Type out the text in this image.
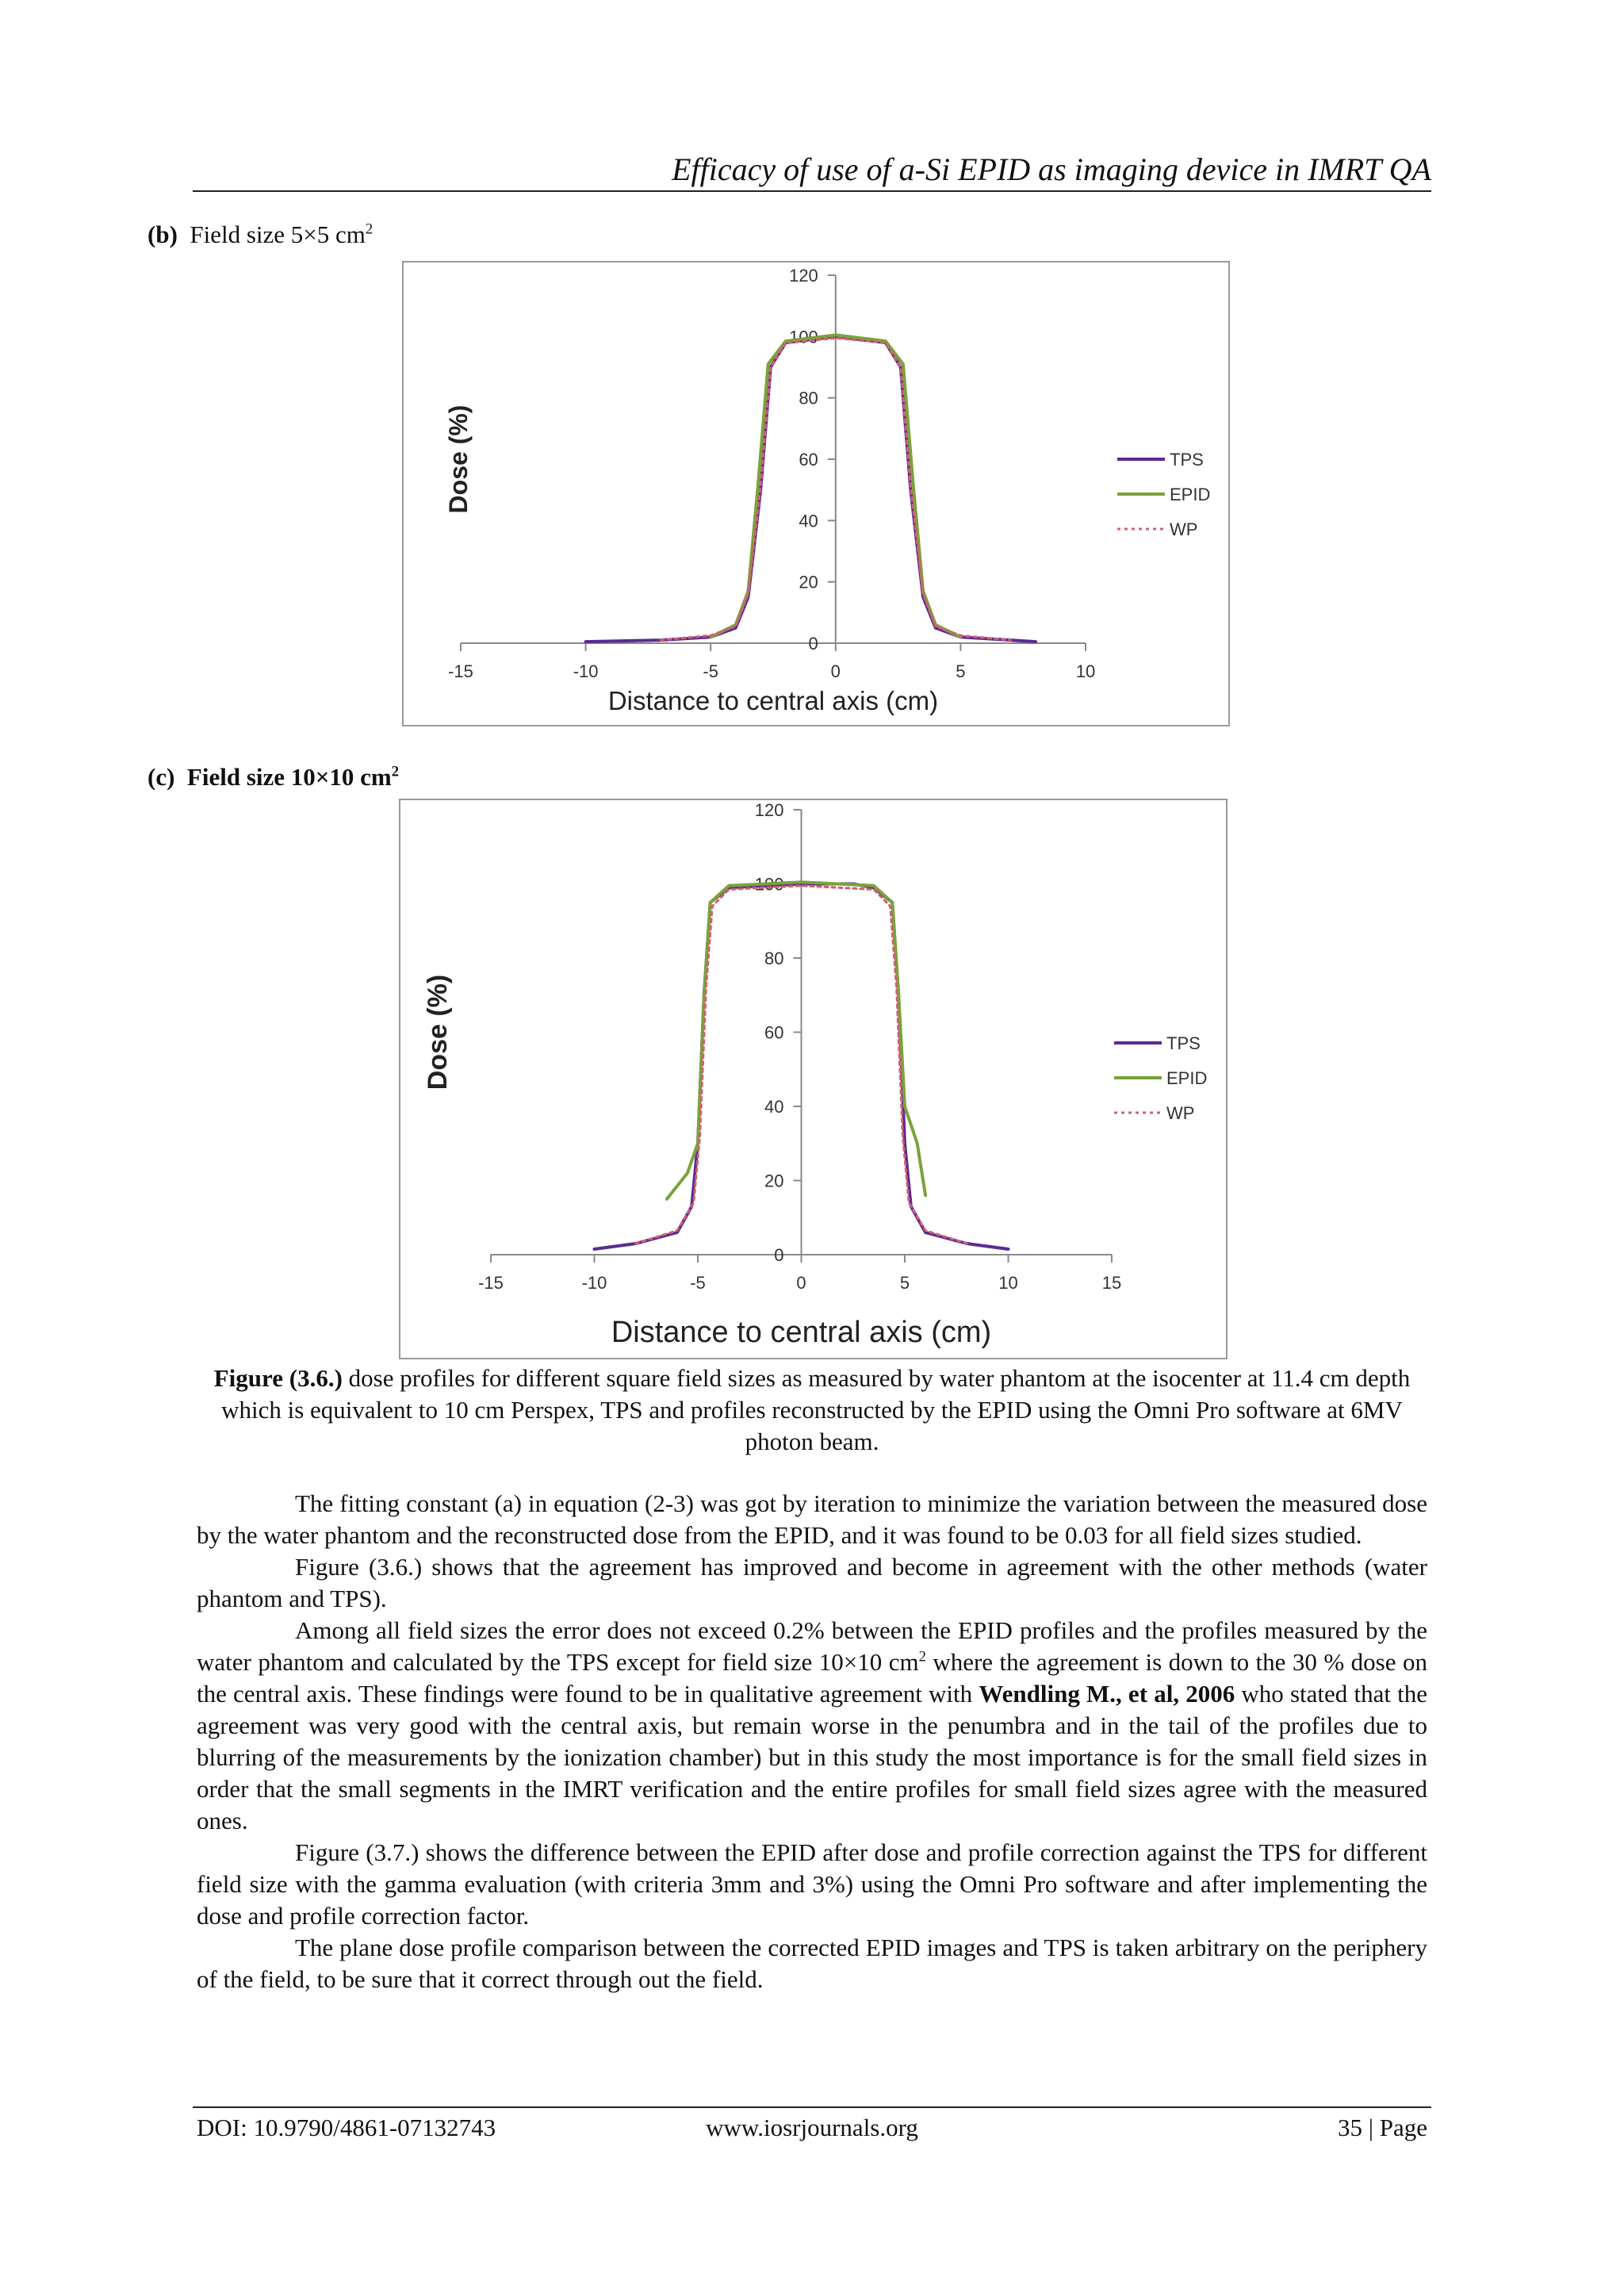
Efficacy of use of a-Si EPID as imaging device in IMRT QA
(b) Field size 5×5 $cm^2$
-15	-10	-5	0	5	10
0
20
40
60
80
100
120
Distance to central axis (cm)
Dose (%)	TPS
EPID
WP
(c) Field size 10×10 $cm^2$
-15	-10	-5	0	5	10	15
0
20
40
60
80
100
120
Distance to central axis (cm)
Dose (%)	TPS
EPID
WP
Figure (3.6.) dose profiles for different square field sizes as measured by water phantom at the isocenter at 11.4 cm depth which is equivalent to 10 cm Perspex, TPS and profiles reconstructed by the EPID using the Omni Pro software at 6MV photon beam.

The fitting constant (a) in equation (2-3) was got by iteration to minimize the variation between the measured dose by the water phantom and the reconstructed dose from the EPID, and it was found to be 0.03 for all field sizes studied.

Figure (3.6.) shows that the agreement has improved and become in agreement with the other methods (water phantom and TPS).

Among all field sizes the error does not exceed 0.2% between the EPID profiles and the profiles measured by the water phantom and calculated by the TPS except for field size 10×10 $cm^2$ where the agreement is down to the 30 % dose on the central axis. These findings were found to be in qualitative agreement with Wendling M., et al, 2006 who stated that the agreement was very good with the central axis, but remain worse in the penumbra and in the tail of the profiles due to blurring of the measurements by the ionization chamber) but in this study the most importance is for the small field sizes in order that the small segments in the IMRT verification and the entire profiles for small field sizes agree with the measured ones.

Figure (3.7.) shows the difference between the EPID after dose and profile correction against the TPS for different field size with the gamma evaluation (with criteria 3mm and 3%) using the Omni Pro software and after implementing the dose and profile correction factor.

The plane dose profile comparison between the corrected EPID images and TPS is taken arbitrary on the periphery of the field, to be sure that it correct through out the field.

DOI: 10.9790/4861-07132743	www.iosrjournals.org	35 | Page
